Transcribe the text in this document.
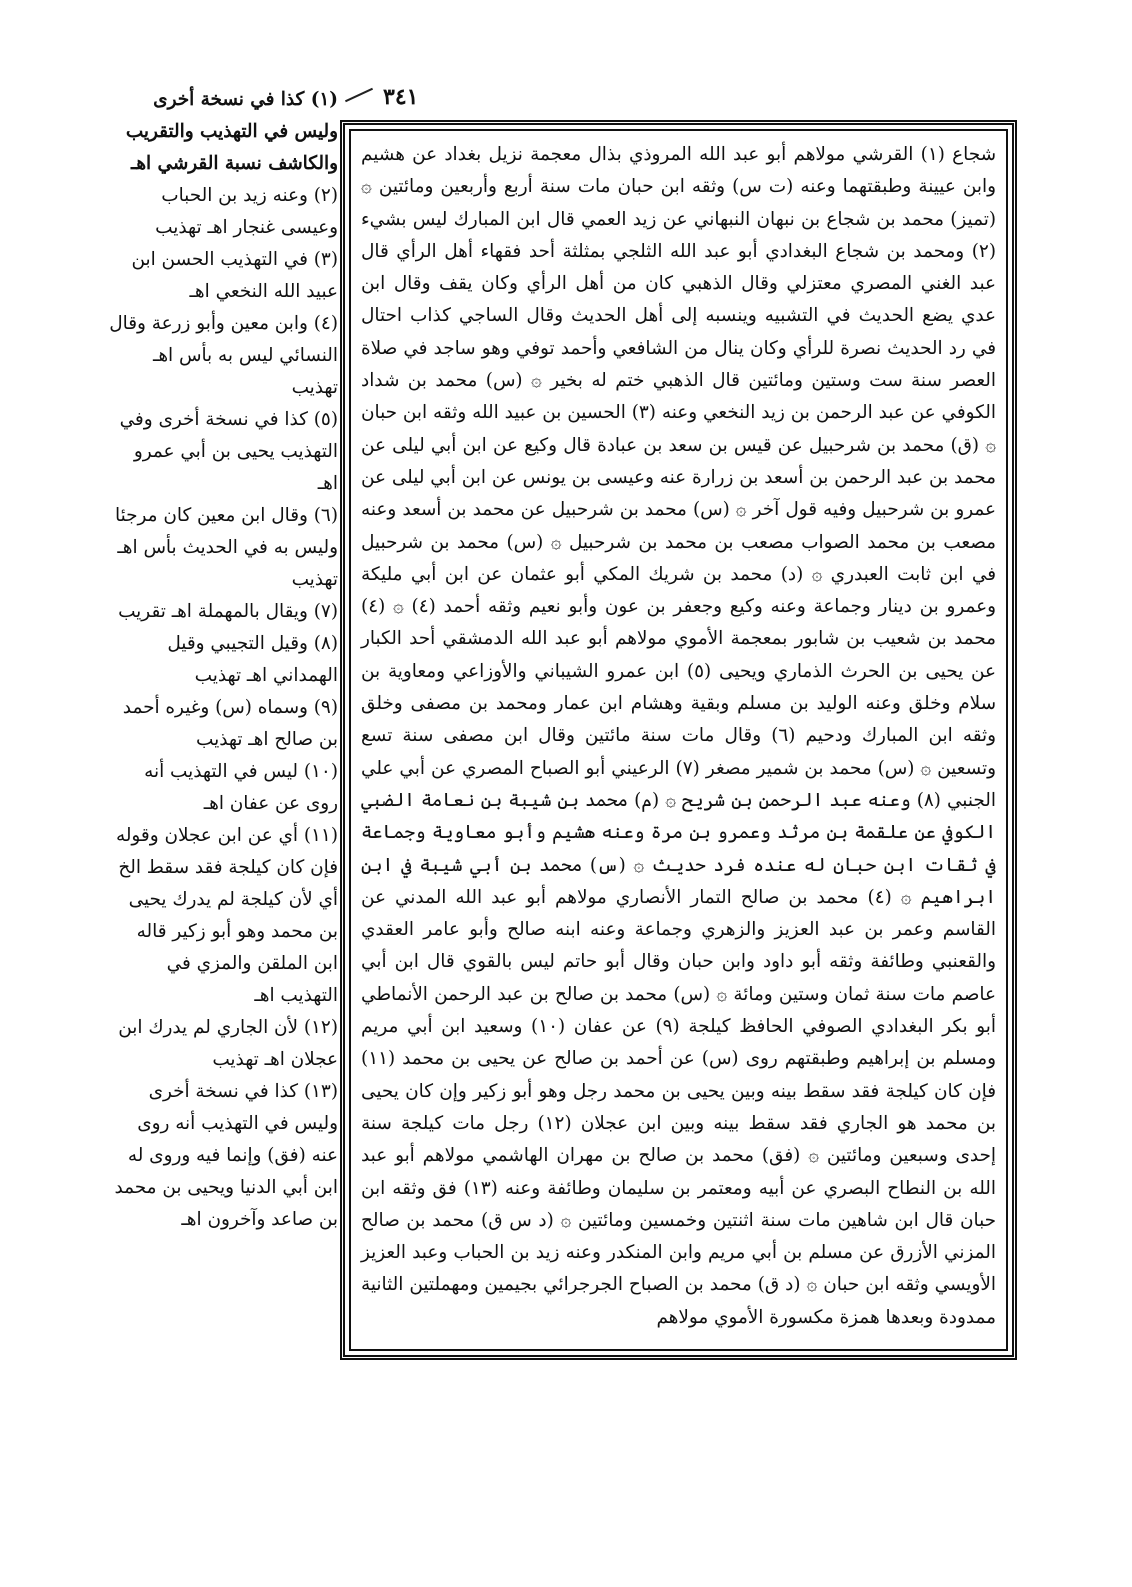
٣٤١

شجاع (١) القرشي مولاهم أبو عبد الله المروذي بذال معجمة نزيل بغداد عن هشيم وابن عيينة وطبقتهما وعنه (ت س) وثقه ابن حبان مات سنة أربع وأربعين ومائتين ۞ (تميز) محمد بن شجاع بن نبهان النبهاني عن زيد العمي قال ابن المبارك ليس بشيء (٢) ومحمد بن شجاع البغدادي أبو عبد الله الثلجي بمثلثة أحد فقهاء أهل الرأي قال عبد الغني المصري معتزلي وقال الذهبي كان من أهل الرأي وكان يقف وقال ابن عدي يضع الحديث في التشبيه وينسبه إلى أهل الحديث وقال الساجي كذاب احتال في رد الحديث نصرة للرأي وكان ينال من الشافعي وأحمد توفي وهو ساجد في صلاة العصر سنة ست وستين ومائتين قال الذهبي ختم له بخير ۞ (س) محمد بن شداد الكوفي عن عبد الرحمن بن زيد النخعي وعنه (٣) الحسين بن عبيد الله وثقه ابن حبان ۞ (ق) محمد بن شرحبيل عن قيس بن سعد بن عبادة قال وكيع عن ابن أبي ليلى عن محمد بن عبد الرحمن بن أسعد بن زرارة عنه وعيسى بن يونس عن ابن أبي ليلى عن عمرو بن شرحبيل وفيه قول آخر ۞ (س) محمد بن شرحبيل عن محمد بن أسعد وعنه مصعب بن محمد الصواب مصعب بن محمد بن شرحبيل ۞ (س) محمد بن شرحبيل في ابن ثابت العبدري ۞ (د) محمد بن شريك المكي أبو عثمان عن ابن أبي مليكة وعمرو بن دينار وجماعة وعنه وكيع وجعفر بن عون وأبو نعيم وثقه أحمد (٤) ۞ (٤) محمد بن شعيب بن شابور بمعجمة الأموي مولاهم أبو عبد الله الدمشقي أحد الكبار عن يحيى بن الحرث الذماري ويحيى (٥) ابن عمرو الشيباني والأوزاعي ومعاوية بن سلام وخلق وعنه الوليد بن مسلم وبقية وهشام ابن عمار ومحمد بن مصفى وخلق وثقه ابن المبارك ودحيم (٦) وقال مات سنة مائتين وقال ابن مصفى سنة تسع وتسعين ۞ (س) محمد بن شمير مصغر (٧) الرعيني أبو الصباح المصري عن أبي علي الجنبي (٨) وعنه عبد الرحمن بن شريح ۞ (م) محمد بن شيبة بن نعامة الضبي الكوفي عن علقمة بن مرثد وعمرو بن مرة وعنه هشيم وأبو معاوية وجماعة في ثقات ابن حبان له عنده فرد حديث ۞ (س) محمد بن أبي شيبة في ابن ابراهيم ۞ (٤) محمد بن صالح التمار الأنصاري مولاهم أبو عبد الله المدني عن القاسم وعمر بن عبد العزيز والزهري وجماعة وعنه ابنه صالح وأبو عامر العقدي والقعنبي وطائفة وثقه أبو داود وابن حبان وقال أبو حاتم ليس بالقوي قال ابن أبي عاصم مات سنة ثمان وستين ومائة ۞ (س) محمد بن صالح بن عبد الرحمن الأنماطي أبو بكر البغدادي الصوفي الحافظ كيلجة (٩) عن عفان (١٠) وسعيد ابن أبي مريم ومسلم بن إبراهيم وطبقتهم روى (س) عن أحمد بن صالح عن يحيى بن محمد (١١) فإن كان كيلجة فقد سقط بينه وبين يحيى بن محمد رجل وهو أبو زكير وإن كان يحيى بن محمد هو الجاري فقد سقط بينه وبين ابن عجلان (١٢) رجل مات كيلجة سنة إحدى وسبعين ومائتين ۞ (فق) محمد بن صالح بن مهران الهاشمي مولاهم أبو عبد الله بن النطاح البصري عن أبيه ومعتمر بن سليمان وطائفة وعنه (١٣) فق وثقه ابن حبان قال ابن شاهين مات سنة اثنتين وخمسين ومائتين ۞ (د س ق) محمد بن صالح المزني الأزرق عن مسلم بن أبي مريم وابن المنكدر وعنه زيد بن الحباب وعبد العزيز الأويسي وثقه ابن حبان ۞ (د ق) محمد بن الصباح الجرجرائي بجيمين ومهملتين الثانية ممدودة وبعدها همزة مكسورة الأموي مولاهم

(١) كذا في نسخة أخرى وليس في التهذيب والتقريب والكاشف نسبة القرشي اهـ

(٢) وعنه زيد بن الحباب وعيسى غنجار اهـ تهذيب

(٣) في التهذيب الحسن ابن عبيد الله النخعي اهـ

(٤) وابن معين وأبو زرعة وقال النسائي ليس به بأس اهـ تهذيب

(٥) كذا في نسخة أخرى وفي التهذيب يحيى بن أبي عمرو اهـ

(٦) وقال ابن معين كان مرجئا وليس به في الحديث بأس اهـ تهذيب

(٧) ويقال بالمهملة اهـ تقريب

(٨) وقيل التجيبي وقيل الهمداني اهـ تهذيب

(٩) وسماه (س) وغيره أحمد بن صالح اهـ تهذيب

(١٠) ليس في التهذيب أنه روى عن عفان اهـ

(١١) أي عن ابن عجلان وقوله فإن كان كيلجة فقد سقط الخ أي لأن كيلجة لم يدرك يحيى بن محمد وهو أبو زكير قاله ابن الملقن والمزي في التهذيب اهـ

(١٢) لأن الجاري لم يدرك ابن عجلان اهـ تهذيب

(١٣) كذا في نسخة أخرى وليس في التهذيب أنه روى عنه (فق) وإنما فيه وروى له ابن أبي الدنيا ويحيى بن محمد بن صاعد وآخرون اهـ
